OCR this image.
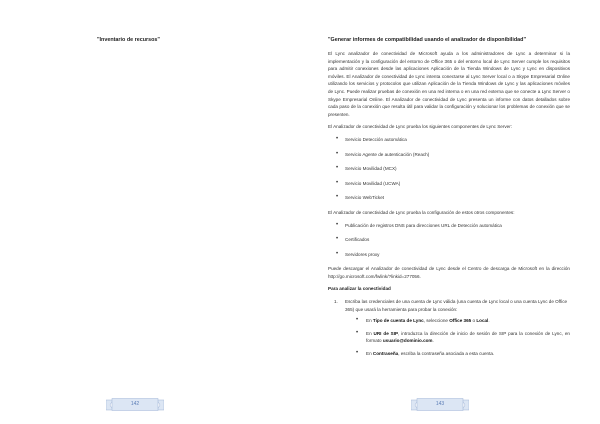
"Inventario de recursos"
142
"Generar informes de compatibilidad usando el analizador de disponibilidad"

El Lync analizador de conectividad de Microsoft ayuda a los administradores de Lync a determinar si la implementación y la configuración del entorno de Office 365 o del entorno local de Lync Server cumple los requisitos para admitir conexiones desde las aplicaciones Aplicación de la Tienda Windows de Lync y Lync en dispositivos móviles. El Analizador de conectividad de Lync intenta conectarse al Lync Server local o a Skype Empresarial Online utilizando los servicios y protocolos que utilizan Aplicación de la Tienda Windows de Lync y las aplicaciones móviles de Lync. Puede realizar pruebas de conexión en una red interna o en una red externa que se conecte a Lync Server o Skype Empresarial Online. El Analizador de conectividad de Lync presenta un informe con datos detallados sobre cada paso de la conexión que resulta útil para validar la configuración y solucionar los problemas de conexión que se presenten.

El Analizador de conectividad de Lync prueba los siguientes componentes de Lync Server:

• Servicio Detección automática
• Servicio Agente de autenticación (Reach)
• Servicio Movilidad (MCX)
• Servicio Movilidad (UCWA)
• Servicio WebTicket

El Analizador de conectividad de Lync prueba la configuración de estos otros componentes:

• Publicación de registros DNS para direcciones URL de Detección automática
• Certificados
• Servidores proxy

Puede descargar el Analizador de conectividad de Lync desde el Centro de descarga de Microsoft en la dirección http://go.microsoft.com/fwlink/?linkid=277056.

Para analizar la conectividad

1. Escriba las credenciales de una cuenta de Lync válida (una cuenta de Lync local o una cuenta Lync de Office 365) que usará la herramienta para probar la conexión:
• En Tipo de cuenta de Lync, seleccione Office 365 o Local.
• En URI de SIP, introduzca la dirección de inicio de sesión de SIP para la conexión de Lync, en formato usuario@dominio.com.
• En Contraseña, escriba la contraseña asociada a esta cuenta.
143
